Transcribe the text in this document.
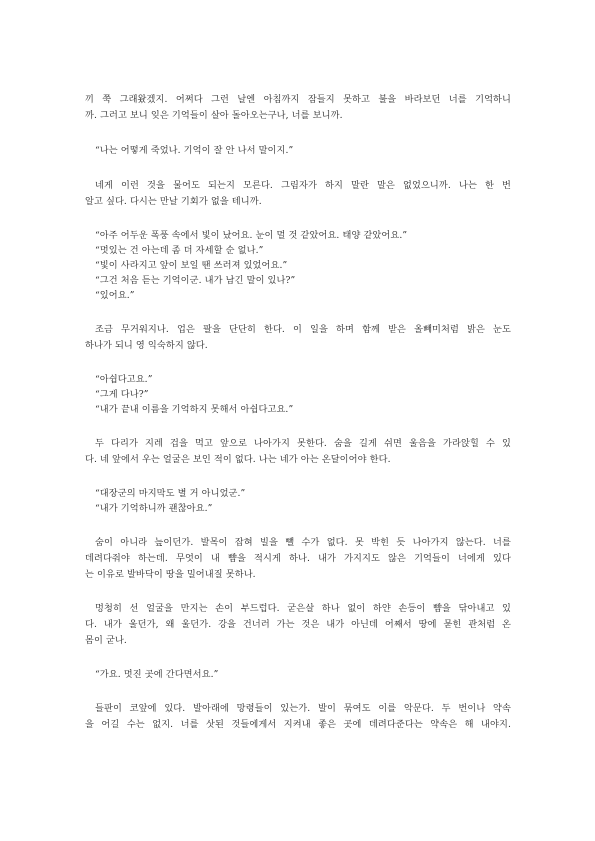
끼 쭉 그래왔겠지. 어쩌다 그런 날엔 아침까지 잠들지 못하고 불을 바라보던 너를 기억하니

까. 그러고 보니 잊은 기억들이 살아 돌아오는구나, 너를 보니까.

“나는 어떻게 죽었나. 기억이 잘 안 나서 말이지.”

네게 이런 것을 물어도 되는지 모른다. 그림자가 하지 말란 말은 없었으니까. 나는 한 번

알고 싶다. 다시는 만날 기회가 없을 테니까.

“아주 어두운 폭풍 속에서 빛이 났어요. 눈이 멀 것 같았어요. 태양 같았어요.”

“멋있는 건 아는데 좀 더 자세할 순 없나.”

“빛이 사라지고 앞이 보일 땐 쓰러져 있었어요.”

“그건 처음 듣는 기억이군. 내가 남긴 말이 있나?”

“있어요.”

조금 무거워지나. 업은 팔을 단단히 한다. 이 일을 하며 함께 받은 올빼미처럼 밝은 눈도

하나가 되니 영 익숙하지 않다.

“아쉽다고요.”

“그게 다나?”

“내가 끝내 이름을 기억하지 못해서 아쉽다고요.”

두 다리가 지레 겁을 먹고 앞으로 나아가지 못한다. 숨을 길게 쉬면 울음을 가라앉힐 수 있

다. 네 앞에서 우는 얼굴은 보인 적이 없다. 나는 네가 아는 온달이어야 한다.

“대장군의 마지막도 별 거 아니었군.”

“내가 기억하니까 괜찮아요.”

숨이 아니라 늪이던가. 발목이 잡혀 빌을 뺄 수가 없다. 못 박힌 듯 나아가지 않는다. 너를

데려다줘야 하는데. 무엇이 내 뺨을 적시게 하나. 내가 가지지도 않은 기억들이 너에게 있다

는 이유로 발바닥이 땅을 밀어내질 못하나.

멍청히 선 얼굴을 만지는 손이 부드럽다. 굳은살 하나 없이 하얀 손등이 뺨을 닦아내고 있

다. 내가 울던가, 왜 울던가. 강을 건너러 가는 것은 내가 아닌데 어째서 땅에 묻힌 관처럼 온

몸이 굳나.

“가요. 멋진 곳에 간다면서요.”

들판이 코앞에 있다. 발아래에 망령들이 있는가. 발이 묶여도 이를 악문다. 두 번이나 약속

을 어길 수는 없지. 너를 삿된 것들에게서 지켜내 좋은 곳에 데려다준다는 약속은 해 내야지.
